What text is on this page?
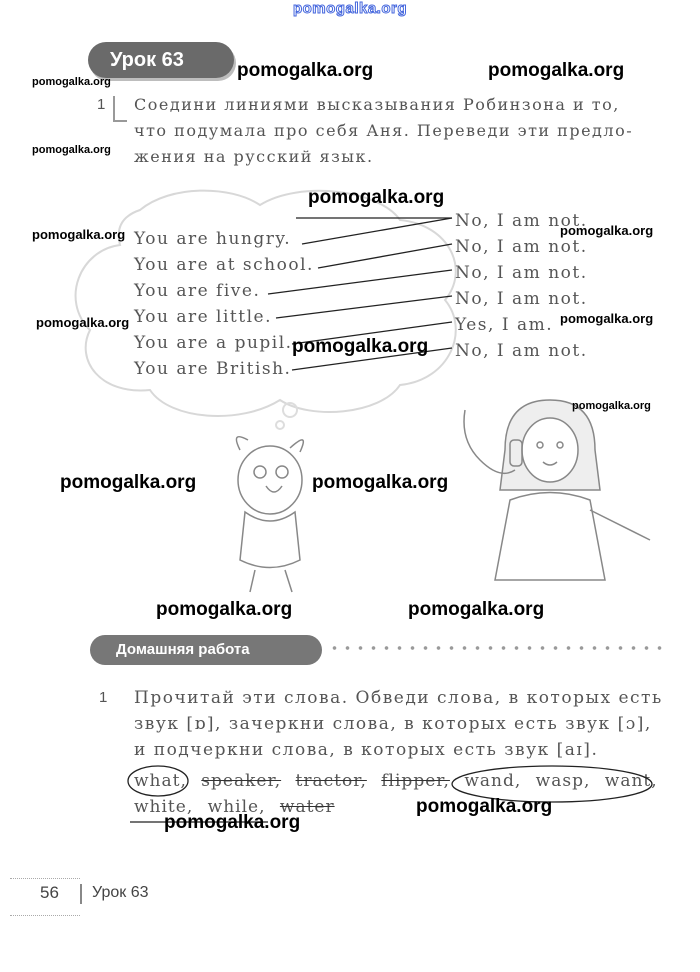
pomogalka.org
Урок 63
1 Соедини линиями высказывания Робинзона и то,
что подумала про себя Аня. Переведи эти предло-
жения на русский язык.
You are hungry.
You are at school.
You are five.
You are little.
You are a pupil.
You are British.
No, I am not.
No, I am not.
No, I am not.
No, I am not.
Yes, I am.
No, I am not.
Домашняя работа
1 Прочитай эти слова. Обведи слова, в которых есть
звук [ɒ], зачеркни слова, в которых есть звук [ɔ],
и подчеркни слова, в которых есть звук [aɪ].
what, speaker, tractor, flipper, wand, wasp, want,
white, while, water
56 Урок 63
pomogalka.org	pomogalka.org
pomogalka.org
pomogalka.org
pomogalka.org
pomogalka.org	pomogalka.org
pomogalka.org	pomogalka.org
pomogalka.org
pomogalka.org
pomogalka.org	pomogalka.org
pomogalka.org	pomogalka.org
pomogalka.org
pomogalka.org
